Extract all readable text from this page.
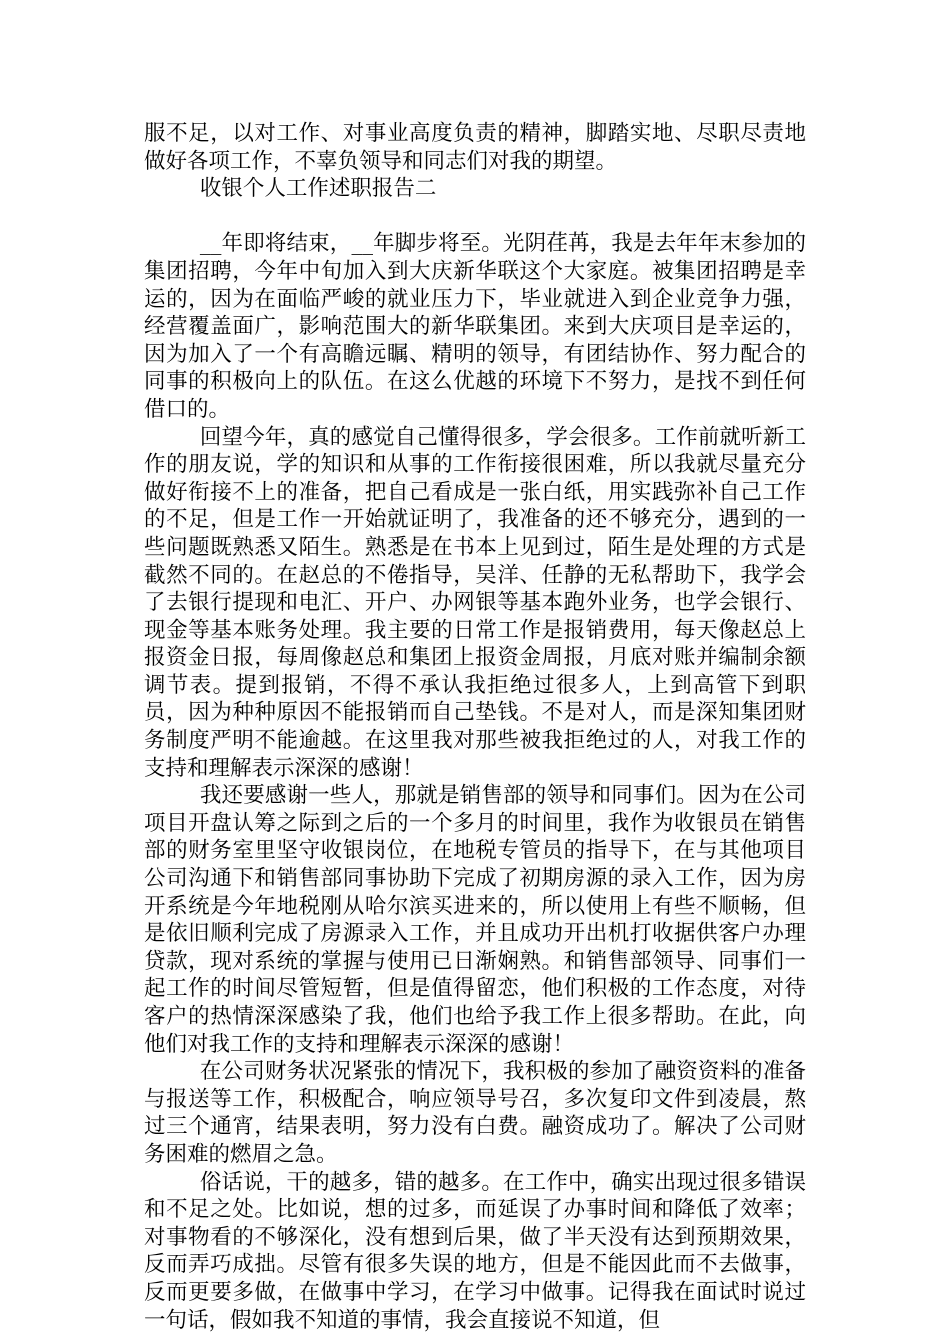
服不足，以对工作、对事业高度负责的精神，脚踏实地、尽职尽责地做好各项工作，不辜负领导和同志们对我的期望。

收银个人工作述职报告二

__年即将结束，__年脚步将至。光阴荏苒，我是去年年末参加的集团招聘，今年中旬加入到大庆新华联这个大家庭。被集团招聘是幸运的，因为在面临严峻的就业压力下，毕业就进入到企业竞争力强，经营覆盖面广，影响范围大的新华联集团。来到大庆项目是幸运的，因为加入了一个有高瞻远瞩、精明的领导，有团结协作、努力配合的同事的积极向上的队伍。在这么优越的环境下不努力，是找不到任何借口的。

回望今年，真的感觉自己懂得很多，学会很多。工作前就听新工作的朋友说，学的知识和从事的工作衔接很困难，所以我就尽量充分做好衔接不上的准备，把自己看成是一张白纸，用实践弥补自己工作的不足，但是工作一开始就证明了，我准备的还不够充分，遇到的一些问题既熟悉又陌生。熟悉是在书本上见到过，陌生是处理的方式是截然不同的。在赵总的不倦指导，吴洋、任静的无私帮助下，我学会了去银行提现和电汇、开户、办网银等基本跑外业务，也学会银行、现金等基本账务处理。我主要的日常工作是报销费用，每天像赵总上报资金日报，每周像赵总和集团上报资金周报，月底对账并编制余额调节表。提到报销，不得不承认我拒绝过很多人，上到高管下到职员，因为种种原因不能报销而自己垫钱。不是对人，而是深知集团财务制度严明不能逾越。在这里我对那些被我拒绝过的人，对我工作的支持和理解表示深深的感谢！

我还要感谢一些人，那就是销售部的领导和同事们。因为在公司项目开盘认筹之际到之后的一个多月的时间里，我作为收银员在销售部的财务室里坚守收银岗位，在地税专管员的指导下，在与其他项目公司沟通下和销售部同事协助下完成了初期房源的录入工作，因为房开系统是今年地税刚从哈尔滨买进来的，所以使用上有些不顺畅，但是依旧顺利完成了房源录入工作，并且成功开出机打收据供客户办理贷款，现对系统的掌握与使用已日渐娴熟。和销售部领导、同事们一起工作的时间尽管短暂，但是值得留恋，他们积极的工作态度，对待客户的热情深深感染了我，他们也给予我工作上很多帮助。在此，向他们对我工作的支持和理解表示深深的感谢！

在公司财务状况紧张的情况下，我积极的参加了融资资料的准备与报送等工作，积极配合，响应领导号召，多次复印文件到凌晨，熬过三个通宵，结果表明，努力没有白费。融资成功了。解决了公司财务困难的燃眉之急。

俗话说，干的越多，错的越多。在工作中，确实出现过很多错误和不足之处。比如说，想的过多，而延误了办事时间和降低了效率；对事物看的不够深化，没有想到后果，做了半天没有达到预期效果，反而弄巧成拙。尽管有很多失误的地方，但是不能因此而不去做事，反而更要多做，在做事中学习，在学习中做事。记得我在面试时说过一句话，假如我不知道的事情，我会直接说不知道，但
